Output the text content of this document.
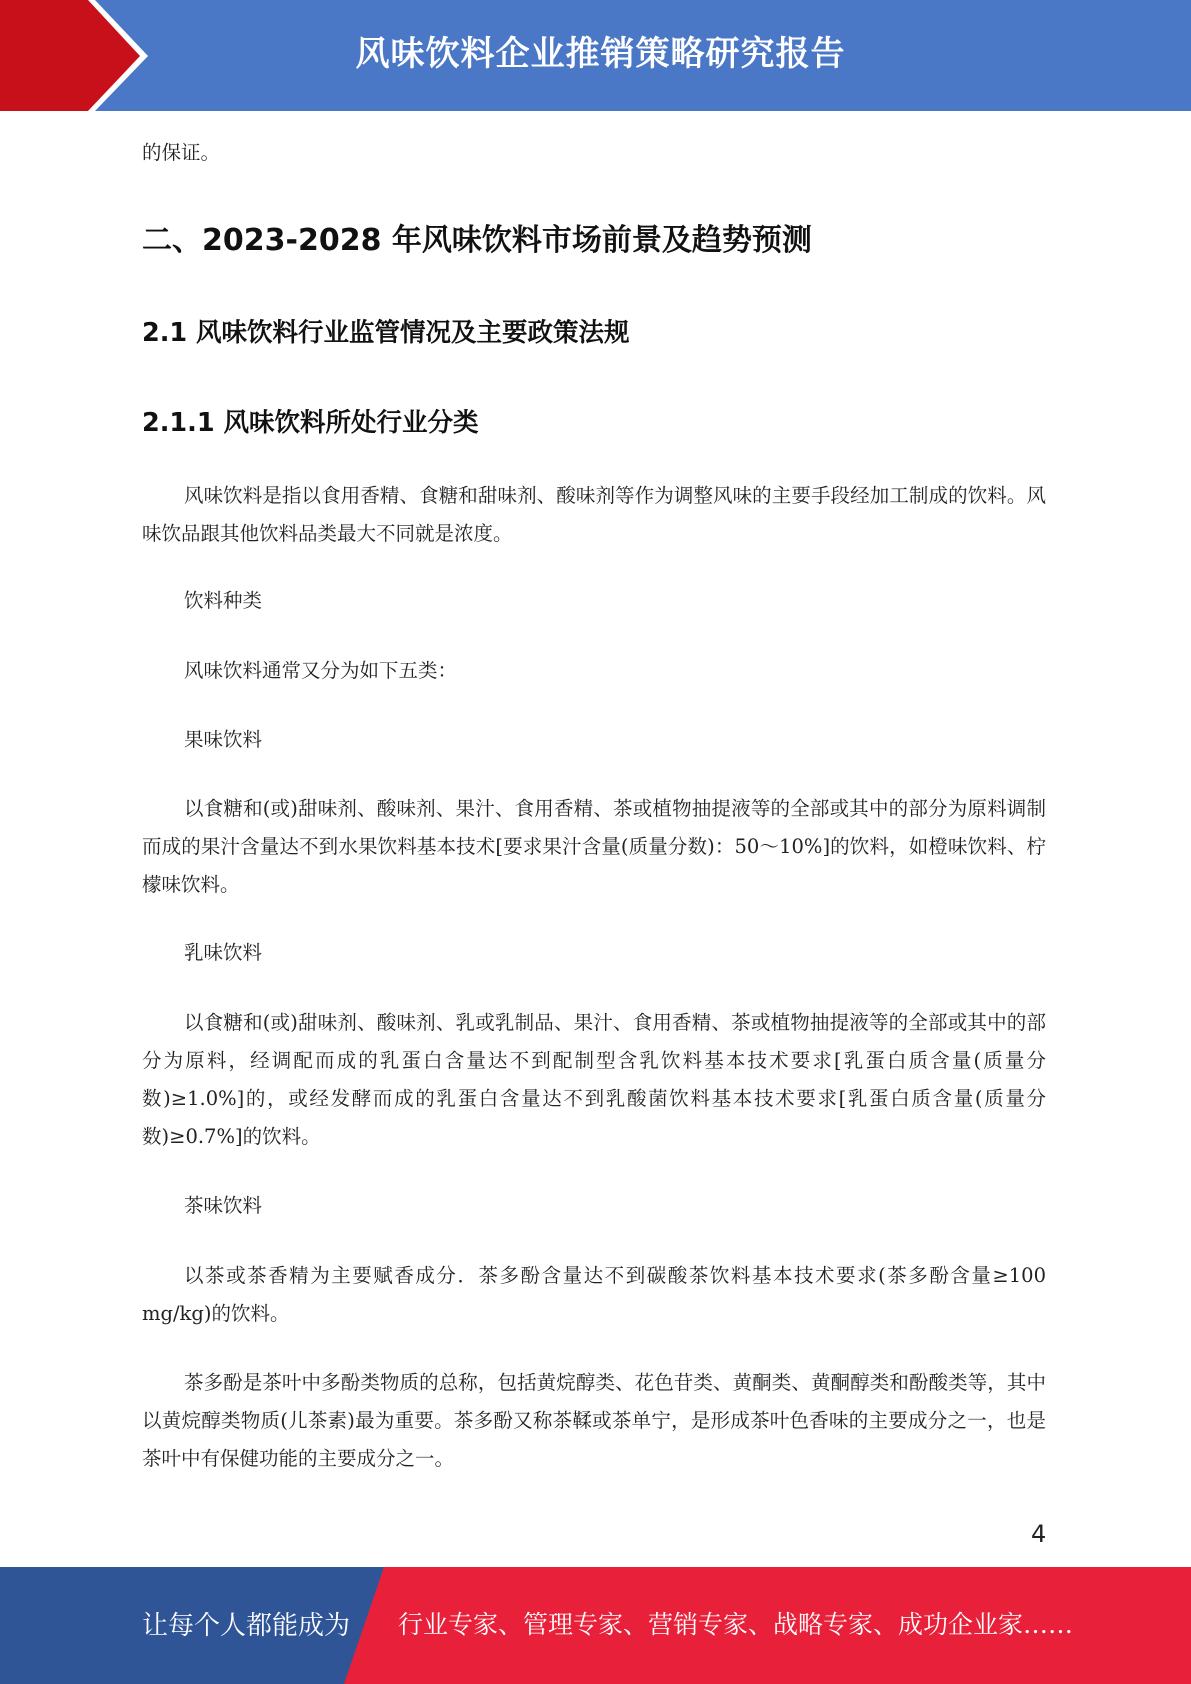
风味饮料企业推销策略研究报告

的保证。

二、2023-2028 年风味饮料市场前景及趋势预测
2.1 风味饮料行业监管情况及主要政策法规
2.1.1 风味饮料所处行业分类

风味饮料是指以食用香精、食糖和甜味剂、酸味剂等作为调整风味的主要手段经加工制成的饮料。风味饮品跟其他饮料品类最大不同就是浓度。

饮料种类

风味饮料通常又分为如下五类：

果味饮料

以食糖和(或)甜味剂、酸味剂、果汁、食用香精、茶或植物抽提液等的全部或其中的部分为原料调制而成的果汁含量达不到水果饮料基本技术[要求果汁含量(质量分数)：50～10%]的饮料，如橙味饮料、柠檬味饮料。

乳味饮料

以食糖和(或)甜味剂、酸味剂、乳或乳制品、果汁、食用香精、茶或植物抽提液等的全部或其中的部分为原料，经调配而成的乳蛋白含量达不到配制型含乳饮料基本技术要求[乳蛋白质含量(质量分数)≥1.0%]的，或经发酵而成的乳蛋白含量达不到乳酸菌饮料基本技术要求[乳蛋白质含量(质量分数)≥0.7%]的饮料。

茶味饮料

以茶或茶香精为主要赋香成分．茶多酚含量达不到碳酸茶饮料基本技术要求(茶多酚含量≥100 mg/kg)的饮料。

茶多酚是茶叶中多酚类物质的总称，包括黄烷醇类、花色苷类、黄酮类、黄酮醇类和酚酸类等，其中以黄烷醇类物质(儿茶素)最为重要。茶多酚又称茶鞣或茶单宁，是形成茶叶色香味的主要成分之一，也是茶叶中有保健功能的主要成分之一。

4
让每个人都能成为 行业专家、管理专家、营销专家、战略专家、成功企业家……
